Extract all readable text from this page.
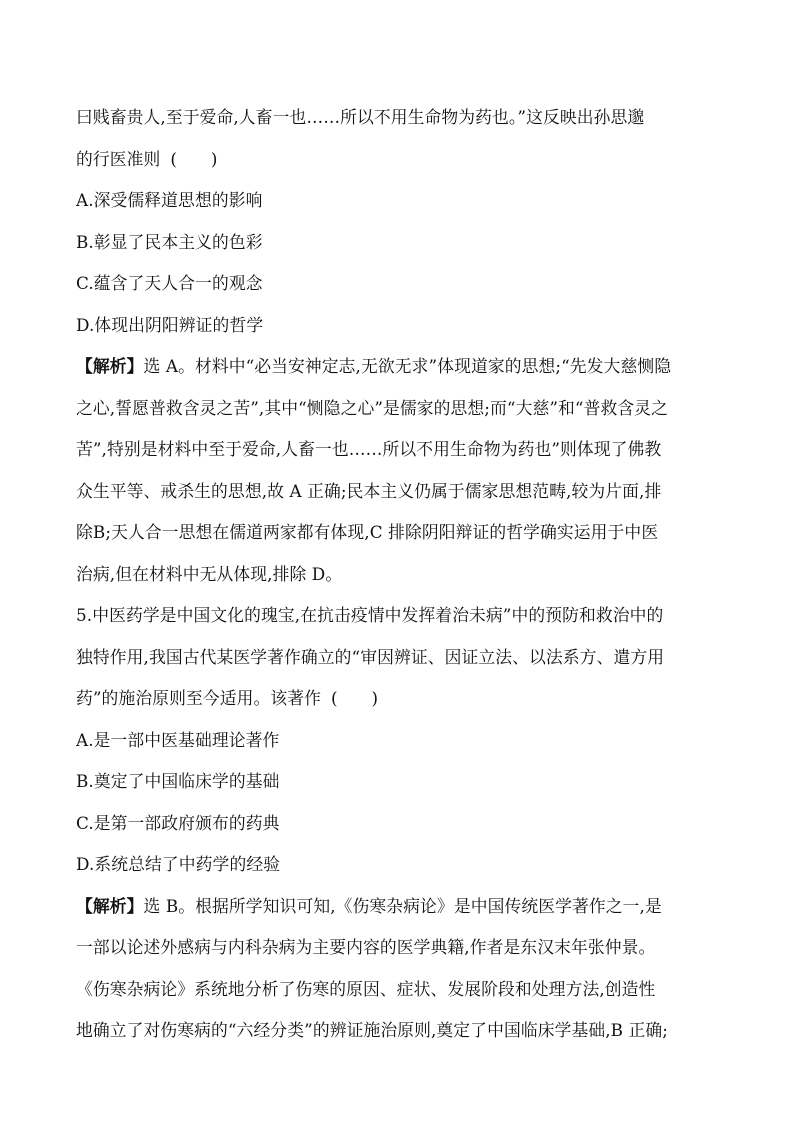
曰贱畜贵人,至于爱命,人畜一也……所以不用生命物为药也。”这反映出孙思邈
的行医准则 (　　)
A.深受儒释道思想的影响
B.彰显了民本主义的色彩
C.蕴含了天人合一的观念
D.体现出阴阳辨证的哲学
【解析】选 A。材料中“必当安神定志,无欲无求”体现道家的思想;“先发大慈恻隐
之心,誓愿普救含灵之苦”,其中“恻隐之心”是儒家的思想;而“大慈”和“普救含灵之
苦”,特别是材料中至于爱命,人畜一也……所以不用生命物为药也”则体现了佛教
众生平等、戒杀生的思想,故 A 正确;民本主义仍属于儒家思想范畴,较为片面,排
除B;天人合一思想在儒道两家都有体现,C 排除阴阳辩证的哲学确实运用于中医
治病,但在材料中无从体现,排除 D。
5.中医药学是中国文化的瑰宝,在抗击疫情中发挥着治未病”中的预防和救治中的
独特作用,我国古代某医学著作确立的“审因辨证、因证立法、以法系方、遣方用
药”的施治原则至今适用。该著作 (　　)
A.是一部中医基础理论著作
B.奠定了中国临床学的基础
C.是第一部政府颁布的药典
D.系统总结了中药学的经验
【解析】选 B。根据所学知识可知,《伤寒杂病论》是中国传统医学著作之一,是
一部以论述外感病与内科杂病为主要内容的医学典籍,作者是东汉末年张仲景。
《伤寒杂病论》系统地分析了伤寒的原因、症状、发展阶段和处理方法,创造性
地确立了对伤寒病的“六经分类”的辨证施治原则,奠定了中国临床学基础,B 正确;
